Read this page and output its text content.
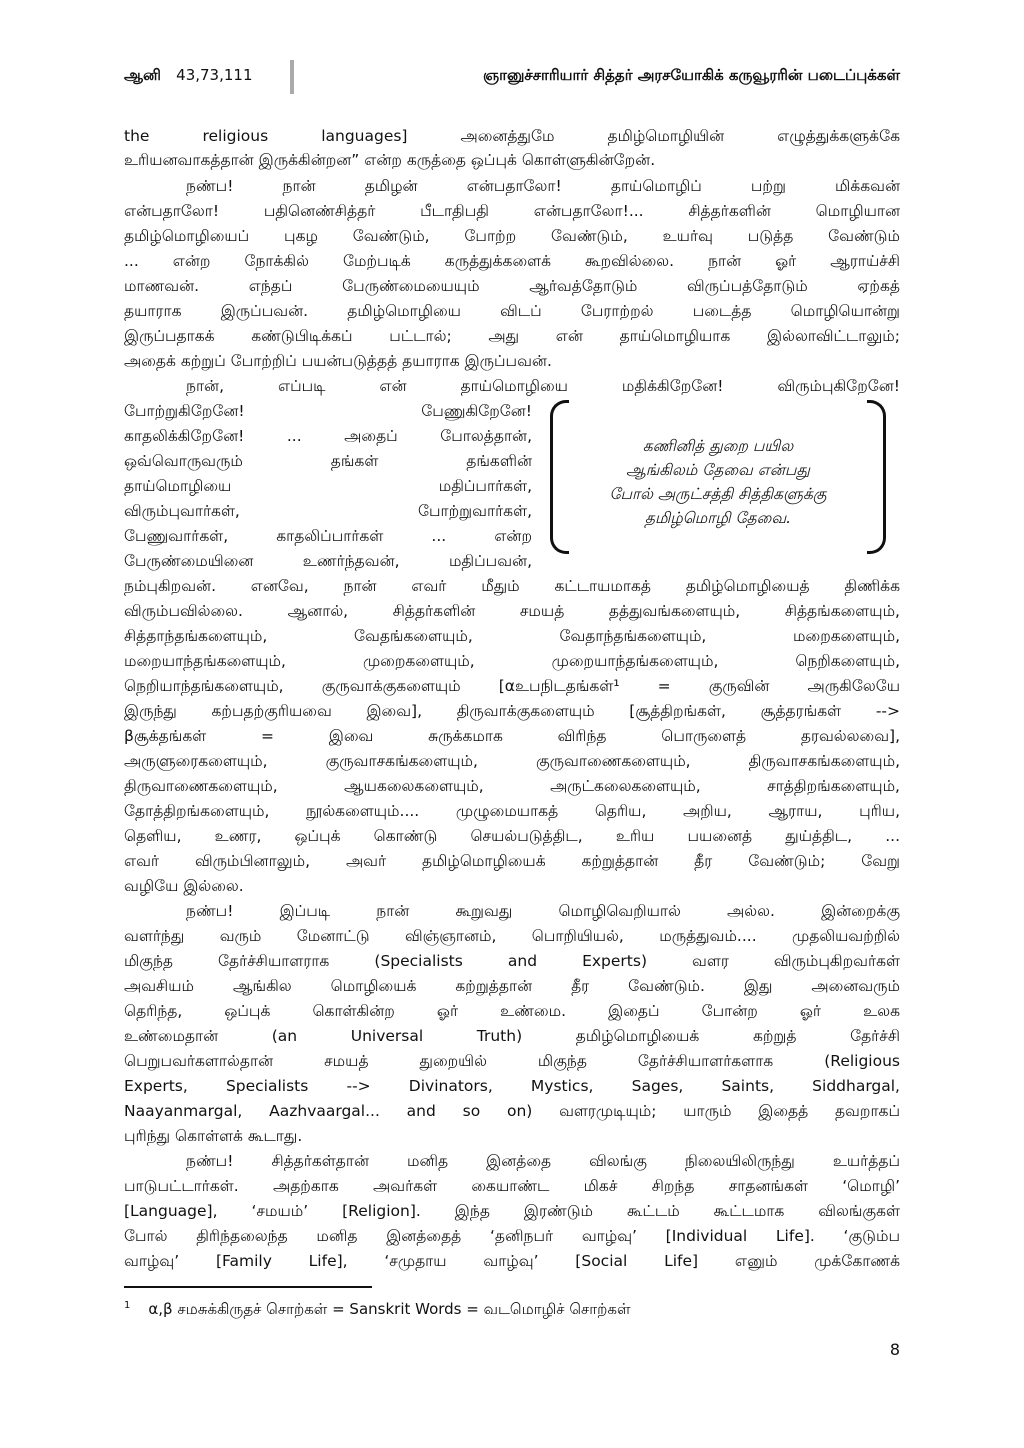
ஆனி 43,73,111	ஞானுச்சாரியார் சித்தர் அரசயோகிக் கருவூரரின் படைப்புக்கள்
the religious languages] அனைத்துமே தமிழ்மொழியின் எழுத்துக்களுக்கே
உரியனவாகத்தான் இருக்கின்றன” என்ற கருத்தை ஒப்புக் கொள்ளுகின்றேன்.
நண்ப! நான் தமிழன் என்பதாலோ! தாய்மொழிப் பற்று மிக்கவன்
என்பதாலோ! பதினெண்சித்தர் பீடாதிபதி என்பதாலோ!... சித்தர்களின் மொழியான
தமிழ்மொழியைப் புகழ வேண்டும், போற்ற வேண்டும், உயர்வு படுத்த வேண்டும்
... என்ற நோக்கில் மேற்படிக் கருத்துக்களைக் கூறவில்லை. நான் ஓர் ஆராய்ச்சி
மாணவன். எந்தப் பேருண்மையையும் ஆர்வத்தோடும் விருப்பத்தோடும் ஏற்கத்
தயாராக இருப்பவன். தமிழ்மொழியை விடப் பேராற்றல் படைத்த மொழியொன்று
இருப்பதாகக் கண்டுபிடிக்கப் பட்டால்; அது என் தாய்மொழியாக இல்லாவிட்டாலும்;
அதைக் கற்றுப் போற்றிப் பயன்படுத்தத் தயாராக இருப்பவன்.
நான், எப்படி என் தாய்மொழியை மதிக்கிறேனே! விரும்புகிறேனே!
போற்றுகிறேனே! பேணுகிறேனே!
காதலிக்கிறேனே! ... அதைப் போலத்தான்,
ஒவ்வொருவரும் தங்கள் தங்களின்
தாய்மொழியை மதிப்பார்கள்,
விரும்புவார்கள், போற்றுவார்கள்,
பேணுவார்கள், காதலிப்பார்கள் ... என்ற
பேருண்மையினை உணர்ந்தவன், மதிப்பவன்,
கணினித் துறை பயில
ஆங்கிலம் தேவை என்பது
போல் அருட்சத்தி சித்திகளுக்கு
தமிழ்மொழி தேவை.
நம்புகிறவன். எனவே, நான் எவர் மீதும் கட்டாயமாகத் தமிழ்மொழியைத் திணிக்க
விரும்பவில்லை. ஆனால், சித்தர்களின் சமயத் தத்துவங்களையும், சித்தங்களையும்,
சித்தாந்தங்களையும், வேதங்களையும், வேதாந்தங்களையும், மறைகளையும்,
மறையாந்தங்களையும், முறைகளையும், முறையாந்தங்களையும், நெறிகளையும்,
நெறியாந்தங்களையும், குருவாக்குகளையும் [αஉபநிடதங்கள்¹ = குருவின் அருகிலேயே
இருந்து கற்பதற்குரியவை இவை], திருவாக்குகளையும் [சூத்திறங்கள், சூத்தரங்கள் -->
βசூக்தங்கள் = இவை சுருக்கமாக விரிந்த பொருளைத் தரவல்லவை],
அருளுரைகளையும், குருவாசகங்களையும், குருவாணைகளையும், திருவாசகங்களையும்,
திருவாணைகளையும், ஆயகலைகளையும், அருட்கலைகளையும், சாத்திறங்களையும்,
தோத்திறங்களையும், நூல்களையும்.... முழுமையாகத் தெரிய, அறிய, ஆராய, புரிய,
தெளிய, உணர, ஒப்புக் கொண்டு செயல்படுத்திட, உரிய பயனைத் துய்த்திட, ...
எவர் விரும்பினாலும், அவர் தமிழ்மொழியைக் கற்றுத்தான் தீர வேண்டும்; வேறு
வழியே இல்லை.
நண்ப! இப்படி நான் கூறுவது மொழிவெறியால் அல்ல. இன்றைக்கு
வளர்ந்து வரும் மேனாட்டு விஞ்ஞானம், பொறியியல், மருத்துவம்.... முதலியவற்றில்
மிகுந்த தேர்ச்சியாளராக (Specialists and Experts) வளர விரும்புகிறவர்கள்
அவசியம் ஆங்கில மொழியைக் கற்றுத்தான் தீர வேண்டும். இது அனைவரும்
தெரிந்த, ஒப்புக் கொள்கின்ற ஓர் உண்மை. இதைப் போன்ற ஓர் உலக
உண்மைதான் (an Universal Truth) தமிழ்மொழியைக் கற்றுத் தேர்ச்சி
பெறுபவர்களால்தான் சமயத் துறையில் மிகுந்த தேர்ச்சியாளர்களாக (Religious
Experts, Specialists --> Divinators, Mystics, Sages, Saints, Siddhargal,
Naayanmargal, Aazhvaargal... and so on) வளரமுடியும்; யாரும் இதைத் தவறாகப்
புரிந்து கொள்ளக் கூடாது.
நண்ப! சித்தர்கள்தான் மனித இனத்தை விலங்கு நிலையிலிருந்து உயர்த்தப்
பாடுபட்டார்கள். அதற்காக அவர்கள் கையாண்ட மிகச் சிறந்த சாதனங்கள் ‘மொழி’
[Language], ‘சமயம்’ [Religion]. இந்த இரண்டும் கூட்டம் கூட்டமாக விலங்குகள்
போல் திரிந்தலைந்த மனித இனத்தைத் ‘தனிநபர் வாழ்வு’ [Individual Life]. ‘குடும்ப
வாழ்வு’ [Family Life], ‘சமுதாய வாழ்வு’ [Social Life] எனும் முக்கோணக்
$^1$ α,β சமசுக்கிருதச் சொற்கள் = Sanskrit Words = வடமொழிச் சொற்கள்
8
